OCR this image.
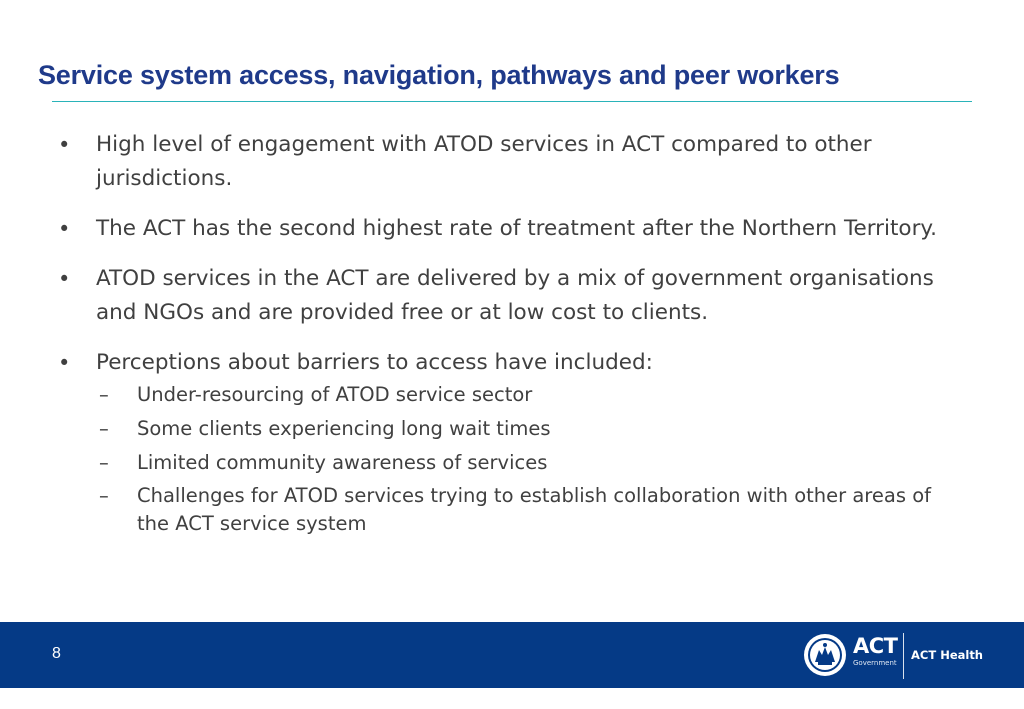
Service system access, navigation, pathways and peer workers
•	High level of engagement with ATOD services in ACT compared to other jurisdictions.
•	The ACT has the second highest rate of treatment after the Northern Territory.
•	ATOD services in the ACT are delivered by a mix of government organisations and NGOs and are provided free or at low cost to clients.
•	Perceptions about barriers to access have included:
– Under-resourcing of ATOD service sector
– Some clients experiencing long wait times
– Limited community awareness of services
– Challenges for ATOD services trying to establish collaboration with other areas of the ACT service system
8	ACT
Government
ACT Health
